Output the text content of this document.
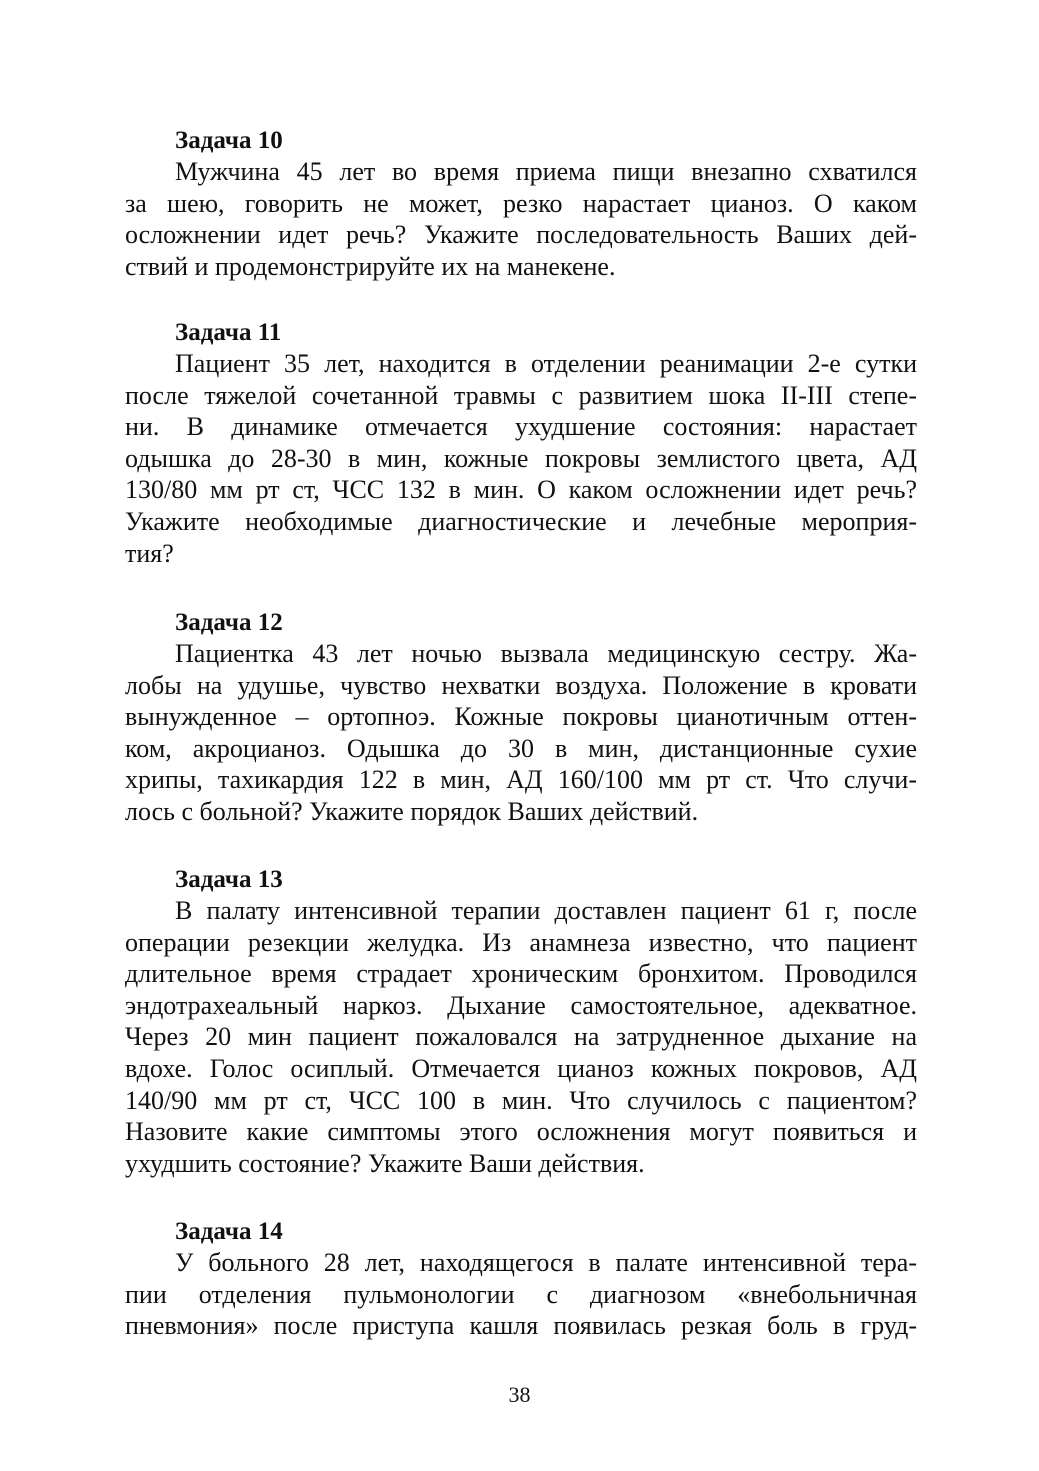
Задача 10
Мужчина 45 лет во время приема пищи внезапно схватился
за шею, говорить не может, резко нарастает цианоз. О каком
осложнении идет речь? Укажите последовательность Ваших дей-
ствий и продемонстрируйте их на манекене.
Задача 11
Пациент 35 лет, находится в отделении реанимации 2-е сутки
после тяжелой сочетанной травмы с развитием шока II-III степе-
ни. В динамике отмечается ухудшение состояния: нарастает
одышка до 28-30 в мин, кожные покровы землистого цвета, АД
130/80 мм рт ст, ЧСС 132 в мин. О каком осложнении идет речь?
Укажите необходимые диагностические и лечебные мероприя-
тия?
Задача 12
Пациентка 43 лет ночью вызвала медицинскую сестру. Жа-
лобы на удушье, чувство нехватки воздуха. Положение в кровати
вынужденное – ортопноэ. Кожные покровы цианотичным оттен-
ком, акроцианоз. Одышка до 30 в мин, дистанционные сухие
хрипы, тахикардия 122 в мин, АД 160/100 мм рт ст. Что случи-
лось с больной? Укажите порядок Ваших действий.
Задача 13
В палату интенсивной терапии доставлен пациент 61 г, после
операции резекции желудка. Из анамнеза известно, что пациент
длительное время страдает хроническим бронхитом. Проводился
эндотрахеальный наркоз. Дыхание самостоятельное, адекватное.
Через 20 мин пациент пожаловался на затрудненное дыхание на
вдохе. Голос осиплый. Отмечается цианоз кожных покровов, АД
140/90 мм рт ст, ЧСС 100 в мин. Что случилось с пациентом?
Назовите какие симптомы этого осложнения могут появиться и
ухудшить состояние? Укажите Ваши действия.
Задача 14
У больного 28 лет, находящегося в палате интенсивной тера-
пии отделения пульмонологии с диагнозом «внебольничная
пневмония» после приступа кашля появилась резкая боль в груд-
38
